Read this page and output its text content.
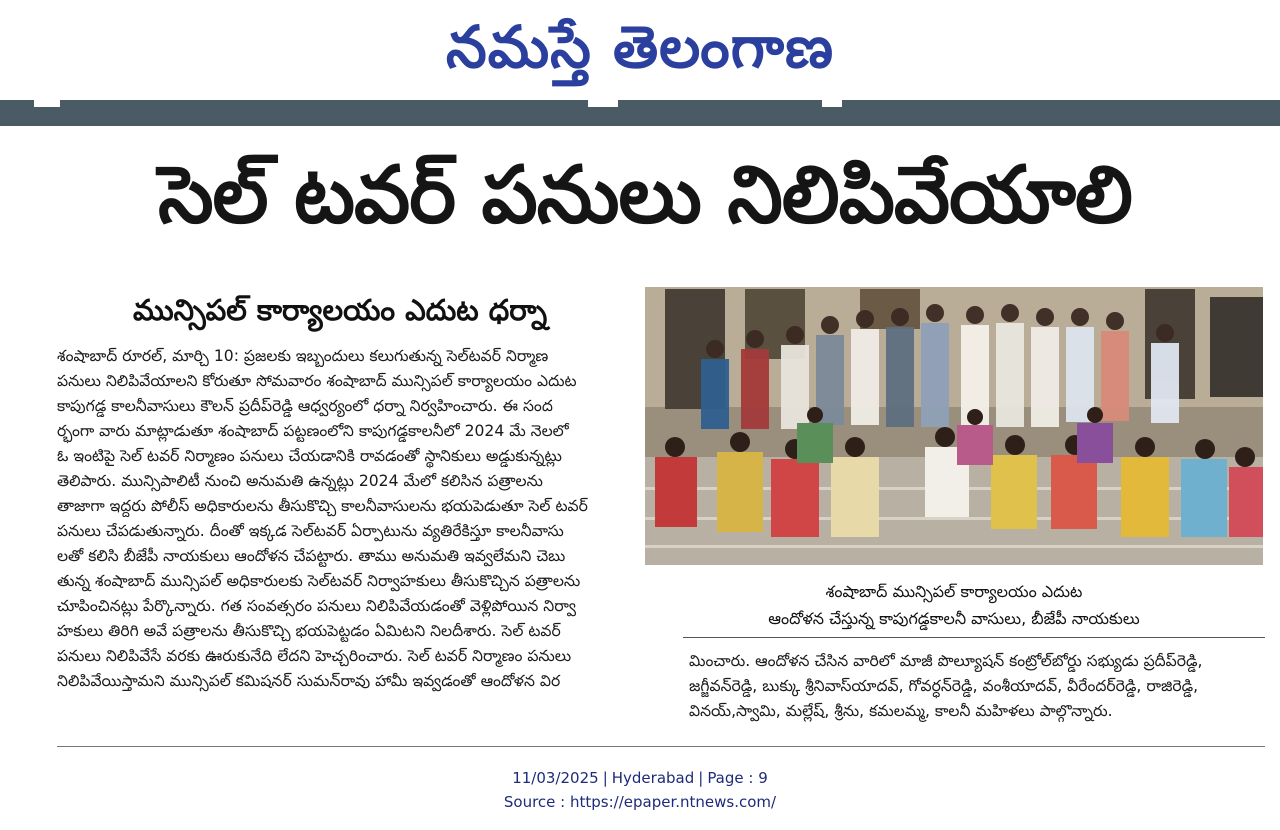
నమస్తే తెలంగాణ
సెల్ టవర్ పనులు నిలిపివేయాలి
మున్సిపల్ కార్యాలయం ఎదుట ధర్నా
శంషాబాద్ రూరల్, మార్చి 10: ప్రజలకు ఇబ్బందులు కలుగుతున్న సెల్‌టవర్ నిర్మాణ
పనులు నిలిపివేయాలని కోరుతూ సోమవారం శంషాబాద్ మున్సిపల్ కార్యాలయం ఎదుట
కాపుగడ్డ కాలనీవాసులు కౌలన్ ప్రదీప్‌రెడ్డి ఆధ్వర్యంలో ధర్నా నిర్వహించారు. ఈ సంద
ర్భంగా వారు మాట్లాడుతూ శంషాబాద్ పట్టణంలోని కాపుగడ్డకాలనీలో 2024 మే నెలలో
ఓ ఇంటిపై సెల్ టవర్ నిర్మాణం పనులు చేయడానికి రావడంతో స్థానికులు అడ్డుకున్నట్లు
తెలిపారు. మున్సిపాలిటీ నుంచి అనుమతి ఉన్నట్లు 2024 మేలో కలిసిన పత్రాలను
తాజాగా ఇద్దరు పోలీస్ అధికారులను తీసుకొచ్చి కాలనీవాసులను భయపెడుతూ సెల్ టవర్
పనులు చేపడుతున్నారు. దీంతో ఇక్కడ సెల్‌టవర్ ఏర్పాటును వ్యతిరేకిస్తూ కాలనీవాసు
లతో కలిసి బీజేపీ నాయకులు ఆందోళన చేపట్టారు. తాము అనుమతి ఇవ్వలేమని చెబు
తున్న శంషాబాద్ మున్సిపల్ అధికారులకు సెల్‌టవర్ నిర్వాహకులు తీసుకొచ్చిన పత్రాలను
చూపించినట్లు పేర్కొన్నారు. గత సంవత్సరం పనులు నిలిపివేయడంతో వెళ్లిపోయిన నిర్వా
హకులు తిరిగి అవే పత్రాలను తీసుకొచ్చి భయపెట్టడం ఏమిటని నిలదీశారు. సెల్ టవర్
పనులు నిలిపివేసే వరకు ఊరుకునేది లేదని హెచ్చరించారు. సెల్ టవర్ నిర్మాణం పనులు
నిలిపివేయిస్తామని మున్సిపల్ కమిషనర్ సుమన్‌రావు హామీ ఇవ్వడంతో ఆందోళన విర
శంషాబాద్ మున్సిపల్ కార్యాలయం ఎదుట
ఆందోళన చేస్తున్న కాపుగడ్డకాలనీ వాసులు, బీజేపీ నాయకులు
మించారు. ఆందోళన చేసిన వారిలో మాజీ పొల్యూషన్ కంట్రోల్‌బోర్డు సభ్యుడు ప్రదీప్‌రెడ్డి,
జగ్జీవన్‌రెడ్డి, బుక్కు శ్రీనివాస్‌యాదవ్, గోవర్ధన్‌రెడ్డి, వంశీయాదవ్, వీరేందర్‌రెడ్డి, రాజిరెడ్డి,
వినయ్,స్వామి, మల్లేష్, శ్రీను, కమలమ్మ, కాలనీ మహిళలు పాల్గొన్నారు.
11/03/2025 | Hyderabad | Page : 9
Source : https://epaper.ntnews.com/
